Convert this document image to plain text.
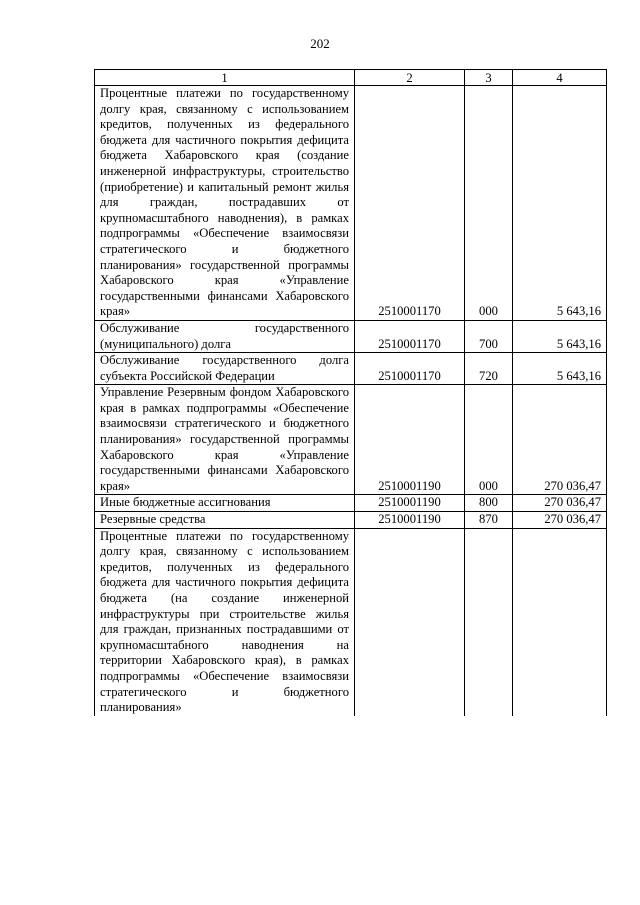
202
1	2	3	4
Процентные платежи по государственному долгу края, связанному с использованием кредитов, полученных из федерального бюджета для частичного покрытия дефицита бюджета Хабаровского края (создание инженерной инфраструктуры, строительство (приобретение) и капитальный ремонт жилья для граждан, пострадавших от крупномасштабного наводнения), в рамках подпрограммы «Обеспечение взаимосвязи стратегического и бюджетного планирования» государственной программы Хабаровского края «Управление государственными финансами Хабаровского края»	2510001170	000	5 643,16
Обслуживание государственного (муниципального) долга	2510001170	700	5 643,16
Обслуживание государственного долга субъекта Российской Федерации	2510001170	720	5 643,16
Управление Резервным фондом Хабаровского края в рамках подпрограммы «Обеспечение взаимосвязи стратегического и бюджетного планирования» государственной программы Хабаровского края «Управление государственными финансами Хабаровского края»	2510001190	000	270 036,47
Иные бюджетные ассигнования	2510001190	800	270 036,47
Резервные средства	2510001190	870	270 036,47
Процентные платежи по государственному долгу края, связанному с использованием кредитов, полученных из федерального бюджета для частичного покрытия дефицита бюджета (на создание инженерной инфраструктуры при строительстве жилья для граждан, признанных пострадавшими от крупномасштабного наводнения на территории Хабаровского края), в рамках подпрограммы «Обеспечение взаимосвязи стратегического и бюджетного планирования»			
